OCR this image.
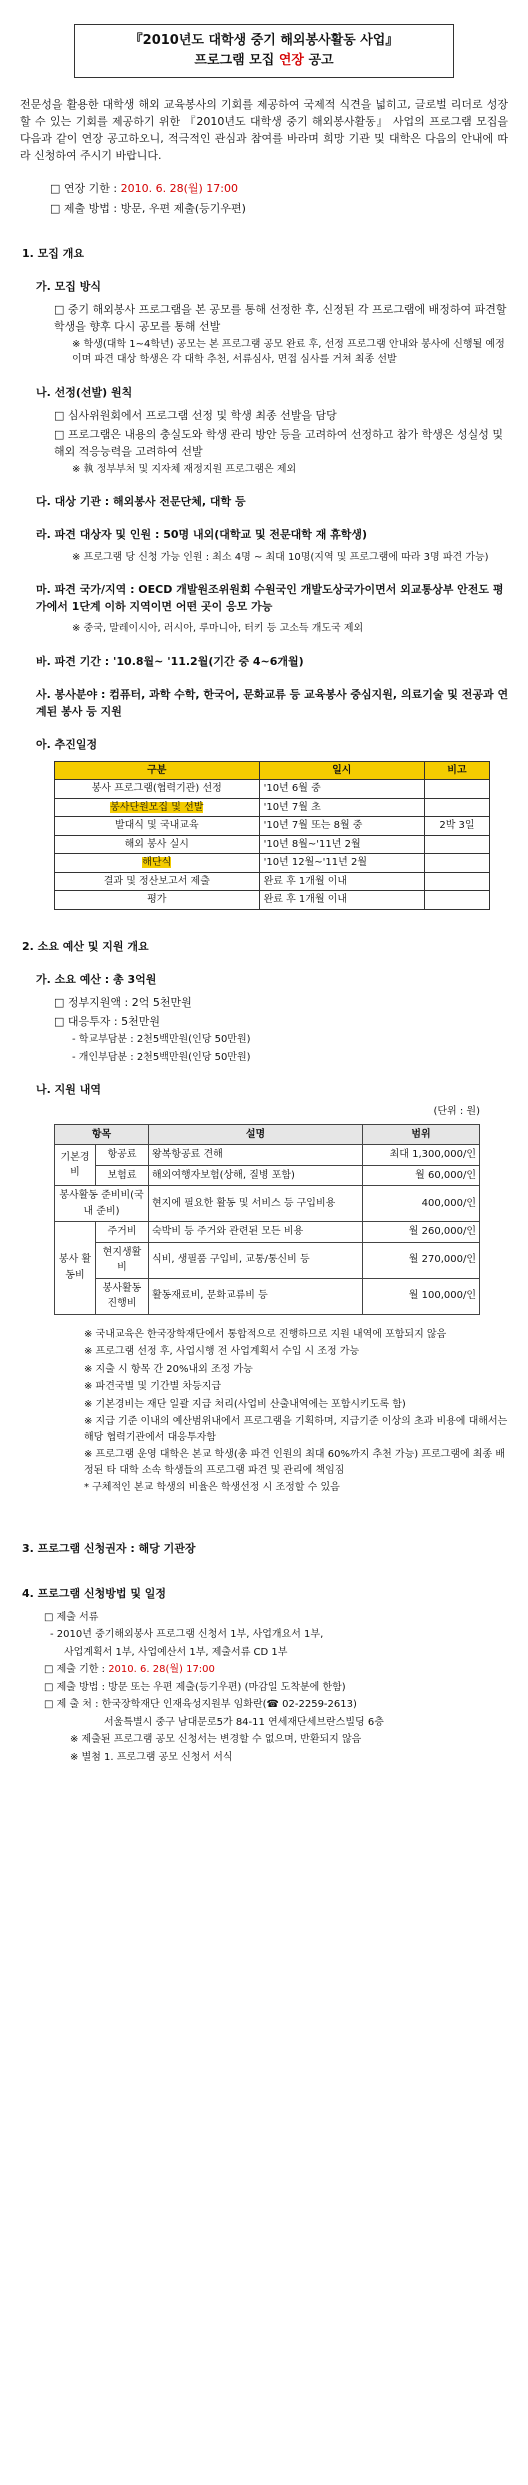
『2010년도 대학생 중기 해외봉사활동 사업』
프로그램 모집 연장 공고
전문성을 활용한 대학생 해외 교육봉사의 기회를 제공하여 국제적 식견을 넓히고, 글로벌 리더로 성장할 수 있는 기회를 제공하기 위한 『2010년도 대학생 중기 해외봉사활동』 사업의 프로그램 모집을 다음과 같이 연장 공고하오니, 적극적인 관심과 참여를 바라며 희망 기관 및 대학은 다음의 안내에 따라 신청하여 주시기 바랍니다.
□ 연장 기한 : 2010. 6. 28(월) 17:00
□ 제출 방법 : 방문, 우편 제출(등기우편)
1. 모집 개요
가. 모집 방식
□ 중기 해외봉사 프로그램을 본 공모를 통해 선정한 후, 신정된 각 프로그램에 배정하여 파견할 학생을 향후 다시 공모를 통해 선발
※ 학생(대학 1~4학년) 공모는 본 프로그램 공모 완료 후, 선정 프로그램 안내와 봉사에 신행될 예정이며 파견 대상 학생은 각 대학 추천, 서류심사, 면접 심사를 거쳐 최종 선발
나. 선정(선발) 원칙
□ 심사위원회에서 프로그램 선정 및 학생 최종 선발을 담당
□ 프로그램은 내용의 충실도와 학생 관리 방안 등을 고려하여 선정하고 참가 학생은 성실성 및 해외 적응능력을 고려하여 선발
※ 執 정부부처 및 지자체 재정지원 프로그램은 제외
다. 대상 기관 : 해외봉사 전문단체, 대학 등
라. 파견 대상자 및 인원 : 50명 내외(대학교 및 전문대학 재 휴학생)
※ 프로그램 당 신청 가능 인원 : 최소 4명 ~ 최대 10명(지역 및 프로그램에 따라 3명 파견 가능)
마. 파견 국가/지역 : OECD 개발원조위원회 수원국인 개발도상국가이면서 외교통상부 안전도 평가에서 1단계 이하 지역이면 어떤 곳이 응모 가능
※ 중국, 말레이시아, 러시아, 루마니아, 터키 등 고소득 개도국 제외
바. 파견 기간 : '10.8월~ '11.2월(기간 중 4~6개월)
사. 봉사분야 : 컴퓨터, 과학 수학, 한국어, 문화교류 등 교육봉사 중심지원, 의료기술 및 전공과 연계된 봉사 등 지원
아. 추진일정
구분	일시	비고
봉사 프로그램(협력기관) 선정	'10년 6월 중	
봉사단원모집 및 선발	'10년 7월 초	
발대식 및 국내교육	'10년 7월 또는 8월 중	2박 3일
해외 봉사 실시	'10년 8월~'11년 2월	
해단식	'10년 12월~'11년 2월	
결과 및 정산보고서 제출	완료 후 1개월 이내	
평가	완료 후 1개월 이내	
2. 소요 예산 및 지원 개요
가. 소요 예산 : 총 3억원
□ 정부지원액 : 2억 5천만원
□ 대응투자 : 5천만원
- 학교부담분 : 2천5백만원(인당 50만원)
- 개인부담분 : 2천5백만원(인당 50만원)
나. 지원 내역
(단위 : 원)
항목		설명	범위
기본경비	항공료	왕복항공료 견해	최대 1,300,000/인
	보험료	해외여행자보험(상해, 질병 포함)	월 60,000/인
봉사활동 준비비(국내 준비)		현지에 필요한 활동 및 서비스 등 구입비용	400,000/인
봉사 활동비	주거비	숙박비 등 주거와 관련된 모든 비용	월 260,000/인
	현지생활비	식비, 생필품 구입비, 교통/통신비 등	월 270,000/인
	봉사활동 진행비	활동재료비, 문화교류비 등	월 100,000/인
※ 국내교육은 한국장학재단에서 통합적으로 진행하므로 지원 내역에 포함되지 않음
※ 프로그램 선정 후, 사업시행 전 사업계획서 수입 시 조정 가능
※ 지출 시 항목 간 20%내외 조정 가능
※ 파견국별 및 기간별 차등지급
※ 기본경비는 재단 일괄 지급 처리(사업비 산출내역에는 포함시키도록 함)
※ 지급 기준 이내의 예산범위내에서 프로그램을 기획하며, 지급기준 이상의 초과 비용에 대해서는 해당 협력기관에서 대응투자함
※ 프로그램 운영 대학은 본교 학생(총 파견 인원의 최대 60%까지 추천 가능) 프로그램에 최종 배정된 타 대학 소속 학생들의 프로그램 파견 및 관리에 책임짐
* 구체적인 본교 학생의 비율은 학생선정 시 조정할 수 있음
3. 프로그램 신청권자 : 해당 기관장
4. 프로그램 신청방법 및 일정
□ 제출 서류
- 2010년 중기해외봉사 프로그램 신청서 1부, 사업개요서 1부,
사업계획서 1부, 사업예산서 1부, 제출서류 CD 1부
□ 제출 기한 : 2010. 6. 28(월) 17:00
□ 제출 방법 : 방문 또는 우편 제출(등기우편) (마감일 도착분에 한함)
□ 제 출 처 : 한국장학재단 인재육성지원부 임화란(☎ 02-2259-2613)
서울특별시 중구 남대문로5가 84-11 연세재단세브란스빌딩 6층
※ 제출된 프로그램 공모 신청서는 변경할 수 없으며, 반환되지 않음
※ 별첨 1. 프로그램 공모 신청서 서식
